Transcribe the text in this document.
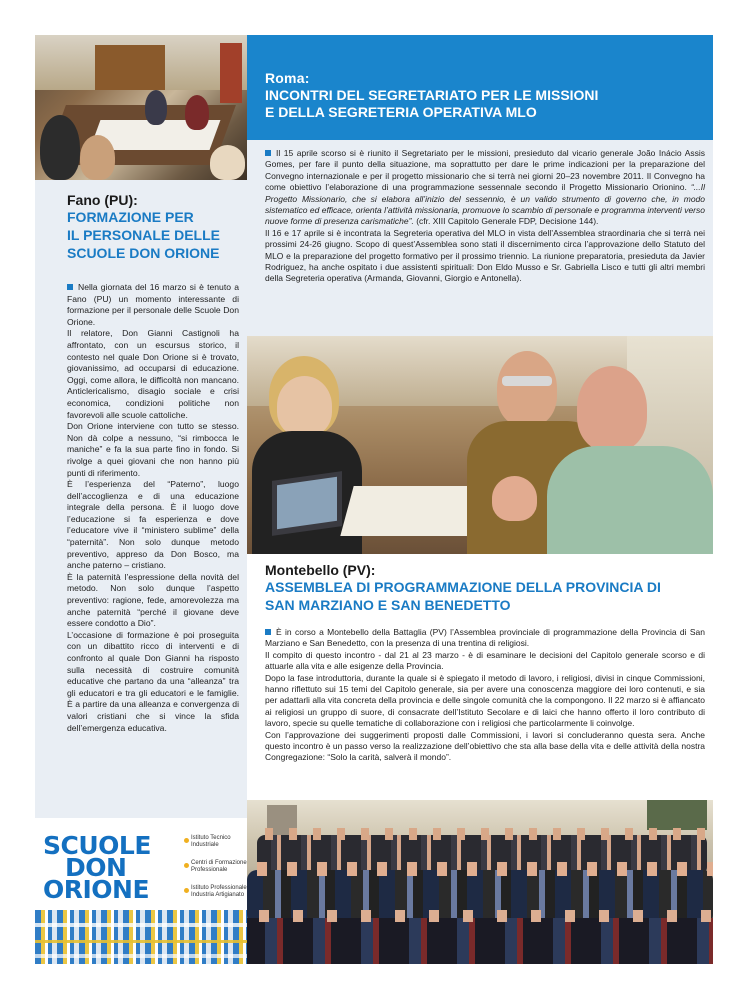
Fano (PU):
FORMAZIONE PER
IL PERSONALE DELLE
SCUOLE DON ORIONE

Nella giornata del 16 marzo si è tenuto a Fano (PU) un momento interessante di formazione per il personale delle Scuole Don Orione.

Il relatore, Don Gianni Castignoli ha affrontato, con un escursus storico, il contesto nel quale Don Orione si è trovato, giovanissimo, ad occuparsi di educazione. Oggi, come allora, le difficoltà non mancano. Anticlericalismo, disagio sociale e crisi economica, condizioni politiche non favorevoli alle scuole cattoliche.

Don Orione interviene con tutto se stesso. Non dà colpe a nessuno, “si rimbocca le maniche” e fa la sua parte fino in fondo. Si rivolge a quei giovani che non hanno più punti di riferimento.

È l’esperienza del “Paterno”, luogo dell’accoglienza e di una educazione integrale della persona. È il luogo dove l’educazione si fa esperienza e dove l’educatore vive il “ministero sublime” della “paternità”. Non solo dunque metodo preventivo, appreso da Don Bosco, ma anche paterno – cristiano.

È la paternità l’espressione della novità del metodo. Non solo dunque l’aspetto preventivo: ragione, fede, amorevolezza ma anche paternità “perché il giovane deve essere condotto a Dio”.

L’occasione di formazione è poi proseguita con un dibattito ricco di interventi e di confronto al quale Don Gianni ha risposto sulla necessità di costruire comunità educative che partano da una “alleanza” tra gli educatori e tra gli educatori e le famiglie. È a partire da una alleanza e convergenza di valori cristiani che si vince la sfida dell’emergenza educativa.

SCUOLE
DON
ORIONE
Istituto Tecnico Industriale
Centri di Formazione Professionale
Istituto Professionale Industria Artigianato
Roma:
INCONTRI DEL SEGRETARIATO PER LE MISSIONI
E DELLA SEGRETERIA OPERATIVA MLO

Il 15 aprile scorso si è riunito il Segretariato per le missioni, presieduto dal vicario generale João Inácio Assis Gomes, per fare il punto della situazione, ma soprattutto per dare le prime indicazioni per la preparazione del Convegno internazionale e per il progetto missionario che si terrà nei giorni 20–23 novembre 2011. Il Convegno ha come obiettivo l’elaborazione di una programmazione sessennale secondo il Progetto Missionario Orionino. “...Il Progetto Missionario, che si elabora all’inizio del sessennio, è un valido strumento di governo che, in modo sistematico ed efficace, orienta l’attività missionaria, promuove lo scambio di personale e programma interventi verso nuove forme di presenza carismatiche”. (cfr. XIII Capitolo Generale FDP, Decisione 144).

Il 16 e 17 aprile si è incontrata la Segreteria operativa del MLO in vista dell’Assemblea straordinaria che si terrà nei prossimi 24-26 giugno. Scopo di quest’Assemblea sono stati il discernimento circa l’approvazione dello Statuto del MLO e la preparazione del progetto formativo per il prossimo triennio. La riunione preparatoria, presieduta da Javier Rodriguez, ha anche ospitato i due assistenti spirituali: Don Eldo Musso e Sr. Gabriella Lisco e tutti gli altri membri della Segreteria operativa (Armanda, Giovanni, Giorgio e Antonella).

Montebello (PV):
ASSEMBLEA DI PROGRAMMAZIONE DELLA PROVINCIA DI
SAN MARZIANO E SAN BENEDETTO

È in corso a Montebello della Battaglia (PV) l’Assemblea provinciale di programmazione della Provincia di San Marziano e San Benedetto, con la presenza di una trentina di religiosi.

Il compito di questo incontro - dal 21 al 23 marzo - è di esaminare le decisioni del Capitolo generale scorso e di attuarle alla vita e alle esigenze della Provincia.

Dopo la fase introduttoria, durante la quale si è spiegato il metodo di lavoro, i religiosi, divisi in cinque Commissioni, hanno riflettuto sui 15 temi del Capitolo generale, sia per avere una conoscenza maggiore dei loro contenuti, e sia per adattarli alla vita concreta della provincia e delle singole comunità che la compongono. Il 22 marzo si è affiancato ai religiosi un gruppo di suore, di consacrate dell’Istituto Secolare e di laici che hanno offerto il loro contributo di lavoro, specie su quelle tematiche di collaborazione con i religiosi che particolarmente li coinvolge.

Con l’approvazione dei suggerimenti proposti dalle Commissioni, i lavori si concluderanno questa sera. Anche questo incontro è un passo verso la realizzazione dell’obiettivo che sta alla base della vita e delle attività della nostra Congregazione: “Solo la carità, salverà il mondo”.
